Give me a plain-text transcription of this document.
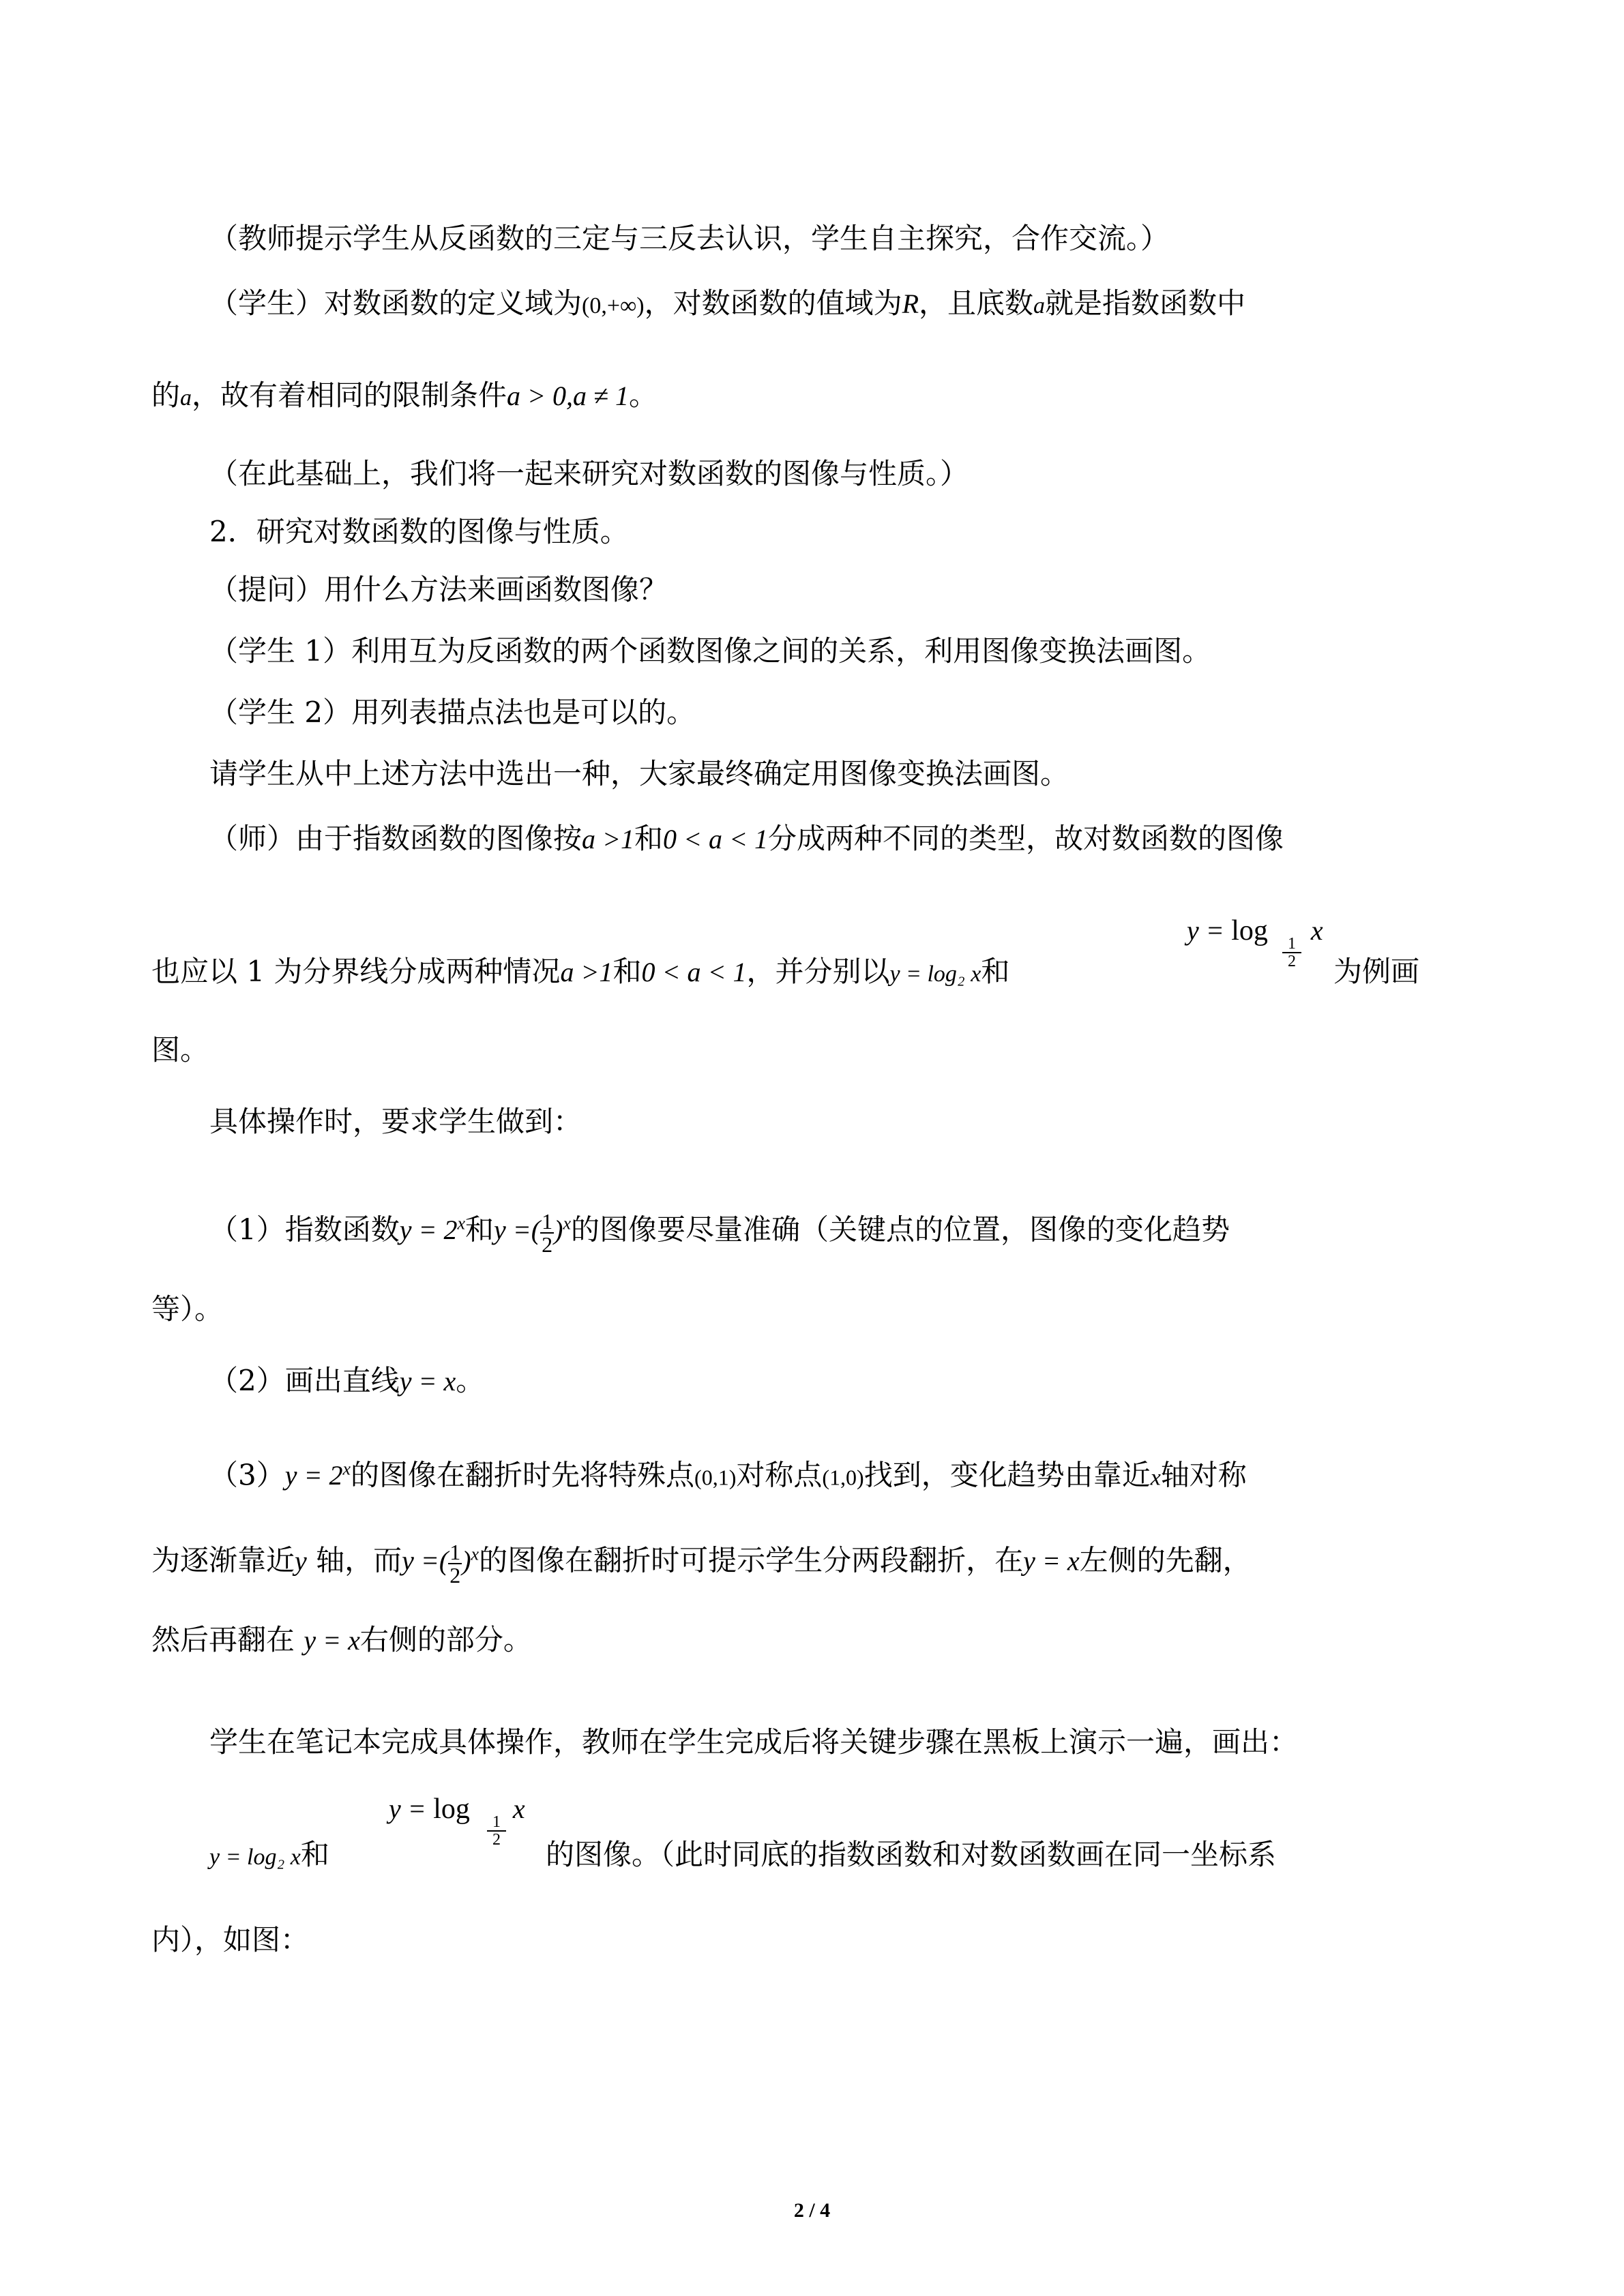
（教师提示学生从反函数的三定与三反去认识，学生自主探究，合作交流。）
（学生）对数函数的定义域为(0,+∞)，对数函数的值域为R，且底数a就是指数函数中
的a，故有着相同的限制条件a > 0,a ≠ 1。
（在此基础上，我们将一起来研究对数函数的图像与性质。）
2．研究对数函数的图像与性质。
（提问）用什么方法来画函数图像？
（学生 1）利用互为反函数的两个函数图像之间的关系，利用图像变换法画图。
（学生 2）用列表描点法也是可以的。
请学生从中上述方法中选出一种，大家最终确定用图像变换法画图。
（师）由于指数函数的图像按a >1和0 < a < 1分成两种不同的类型，故对数函数的图像
y = log x
$\frac{1}{2}$
也应以 1 为分界线分成两种情况a >1和0 < a < 1，并分别以y = log₂ x和	为例画
图。
具体操作时，要求学生做到：
（1）指数函数$y = 2^x$和y =( $\frac{1}{2} )^x$的图像要尽量准确（关键点的位置，图像的变化趋势
等）。
（2）画出直线y = x。
$(3)y = 2^x$的图像在翻折时先将特殊点(0,1)对称点(1,0)找到，变化趋势由靠近x轴对称
为逐渐靠近y 轴，而y =( $\frac{1}{2} )^x$的图像在翻折时可提示学生分两段翻折，在y = x左侧的先翻，
然后再翻在 y = x右侧的部分。
学生在笔记本完成具体操作，教师在学生完成后将关键步骤在黑板上演示一遍，画出：
y = log x
$\frac{1}{2}$
y = log₂ x和	的图像。（此时同底的指数函数和对数函数画在同一坐标系
内），如图：
2 / 4
